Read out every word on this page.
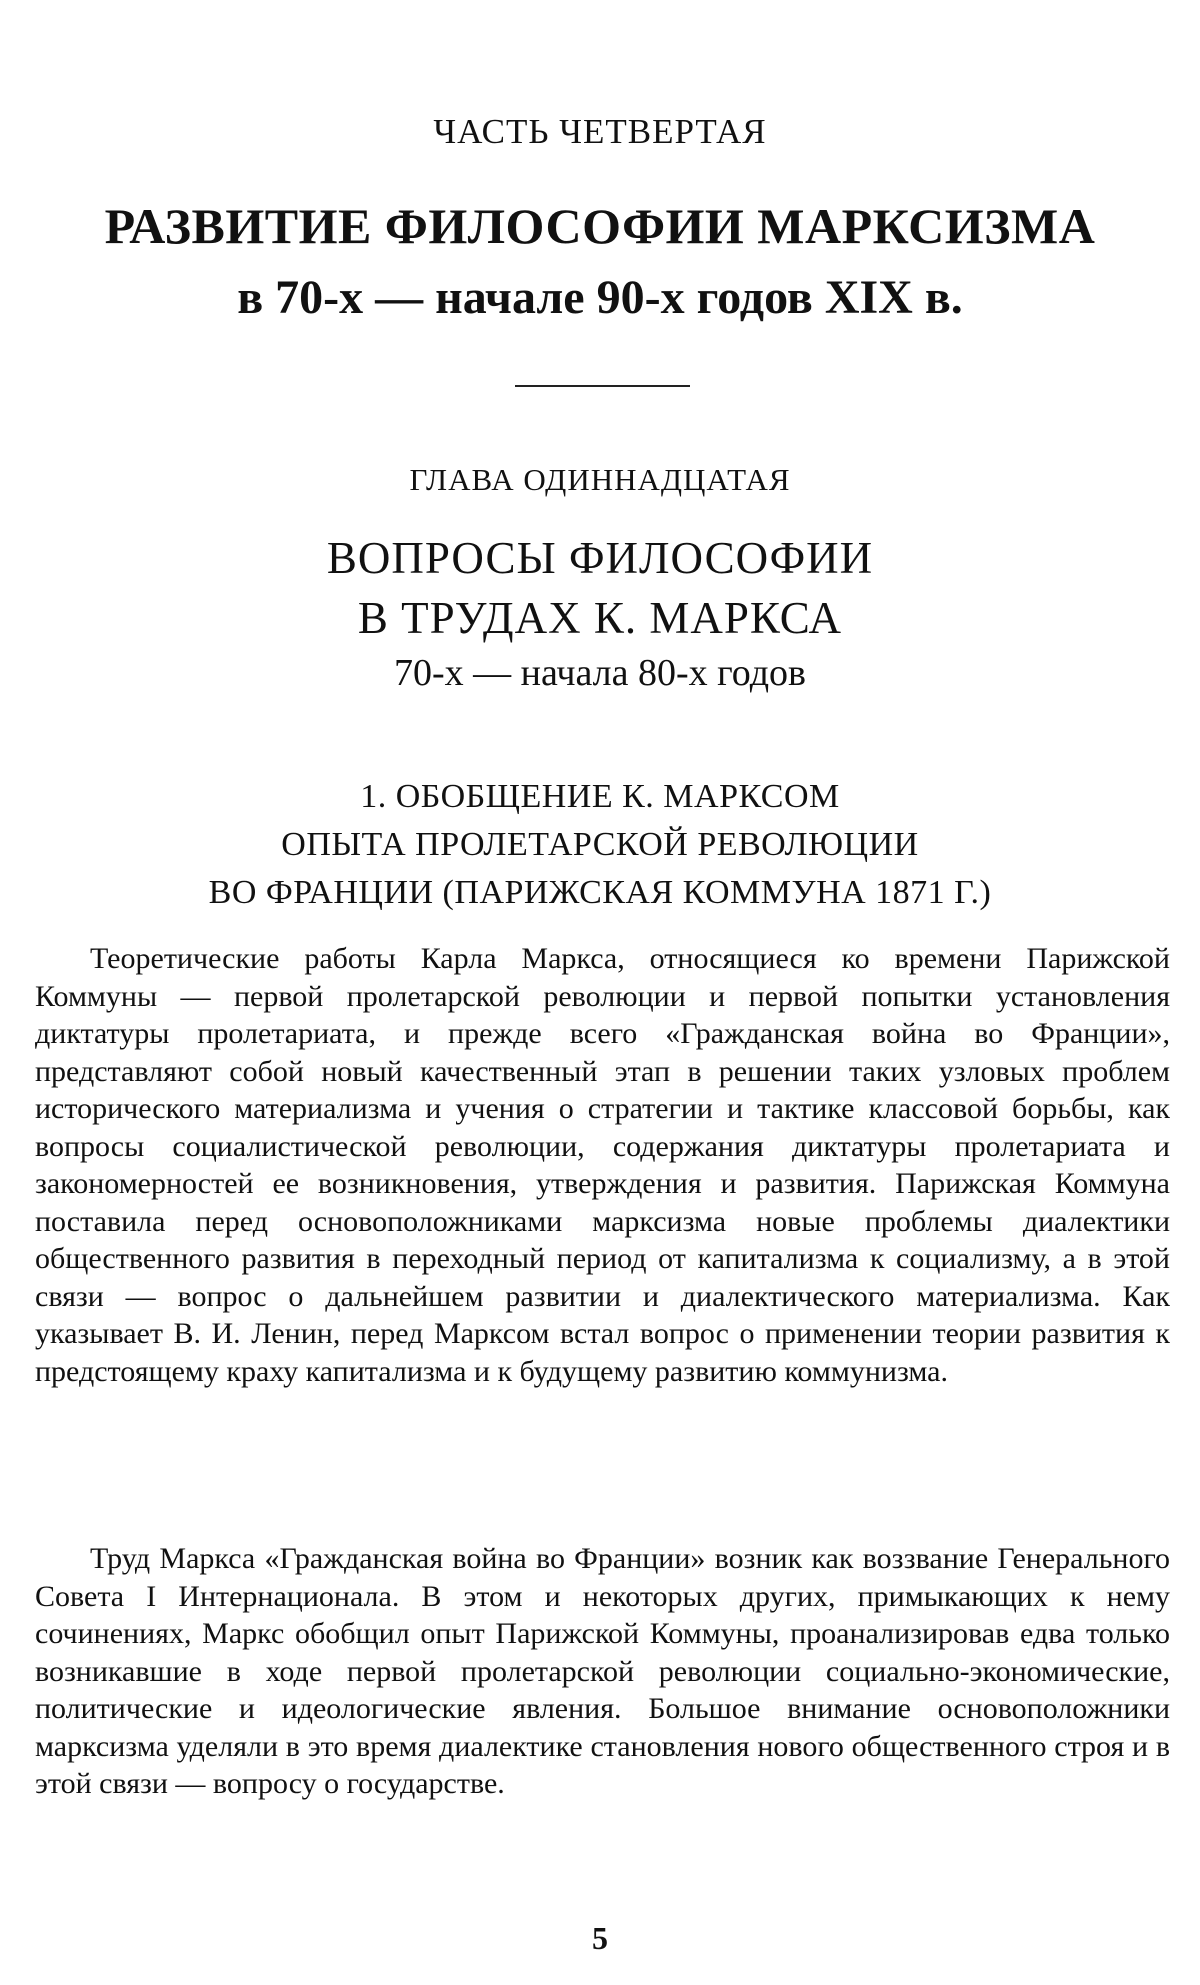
ЧАСТЬ ЧЕТВЕРТАЯ
РАЗВИТИЕ ФИЛОСОФИИ МАРКСИЗМА
в 70-х — начале 90-х годов XIX в.
ГЛАВА ОДИННАДЦАТАЯ
ВОПРОСЫ ФИЛОСОФИИ
В ТРУДАХ К. МАРКСА
70-х — начала 80-х годов
1. ОБОБЩЕНИЕ К. МАРКСОМ
ОПЫТА ПРОЛЕТАРСКОЙ РЕВОЛЮЦИИ
ВО ФРАНЦИИ (ПАРИЖСКАЯ КОММУНА 1871 Г.)

Теоретические работы Карла Маркса, относящиеся ко времени Парижской Коммуны — первой пролетарской революции и первой попытки установления диктатуры пролетариата, и прежде всего «Гражданская война во Франции», представляют собой новый качественный этап в решении таких узловых проблем исторического материализма и учения о стратегии и тактике классовой борьбы, как вопросы социалистической революции, содержания диктатуры пролетариата и закономерностей ее возникновения, утверждения и развития. Парижская Коммуна поставила перед основоположниками марксизма новые проблемы диалектики общественного развития в переходный период от капитализма к социализму, а в этой связи — вопрос о дальнейшем развитии и диалектического материализма. Как указывает В. И. Ленин, перед Марксом встал вопрос о применении теории развития к предстоящему краху капитализма и к будущему развитию коммунизма.

Труд Маркса «Гражданская война во Франции» возник как воззвание Генерального Совета I Интернационала. В этом и некоторых других, примыкающих к нему сочинениях, Маркс обобщил опыт Парижской Коммуны, проанализировав едва только возникавшие в ходе первой пролетарской революции социально-экономические, политические и идеологические явления. Большое внимание основоположники марксизма уделяли в это время диалектике становления нового общественного строя и в этой связи — вопросу о государстве.

5
